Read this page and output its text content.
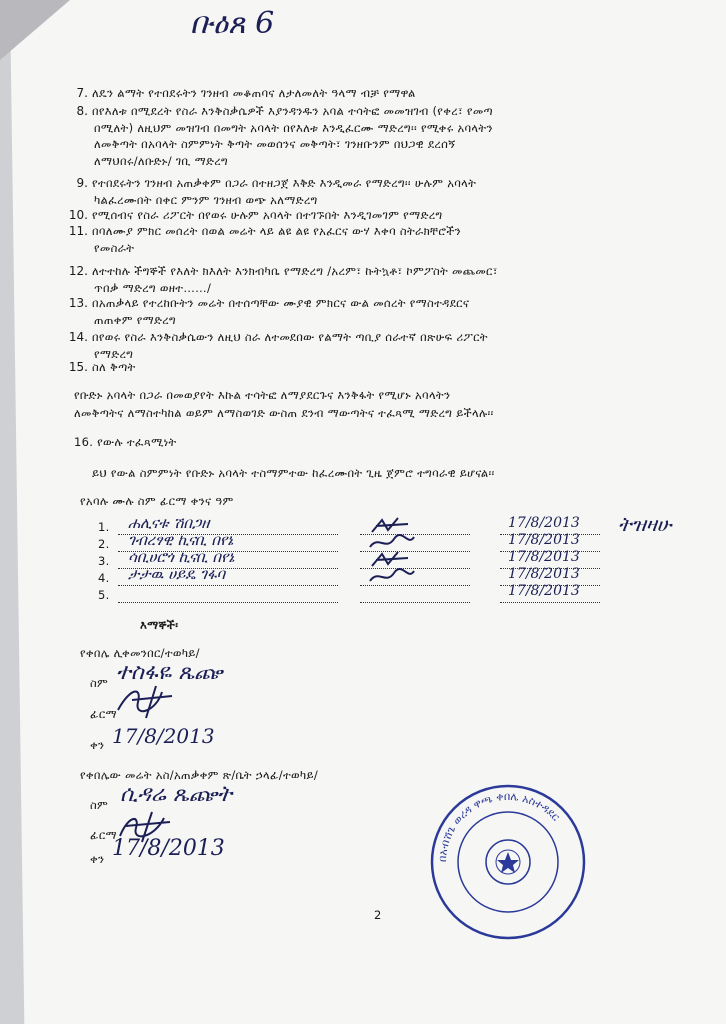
ቡዕጸ 6
7. ለዴን ልማት የተበደሩትን ገንዘብ መቆጠባና ለታለመለት ዓላማ ብቻ የማዋል
8. በየእለቱ በሚደረት የስራ እንቅስቃሴዎች እያንዳንዱን አባል ተሳትፎ መመዝገብ (የቀረ፣ የመጣ
በሚለት) ለዚህም መዝገብ በመግት አባላት በየእለቱ እንዲፈርሙ ማድረግ፡፡ የሚቀሩ አባላትን
ለመቅጣት በአባላት ስምምነት ቅጣት መወሰንና መቅጣት፣ ገንዘቡንም በህጋዊ ደረሰኝ
ለማህበሩ/ለቡድኑ/ ገቢ ማድረግ
9. የተበደሩትን ገንዘብ አጠቃቀም በጋራ በተዘጋጀ እቅድ እንዲመራ የማድረግ፡፡ ሁሉም አባላት
ካልፈረሙበት በቀር ምንም ገንዘብ ወጭ አለማድረግ
10. የሚሰብና የስራ ሪፖርት በየወሩ ሁሉም አባላት በተገኙበት እንዲገመገም የማድረግ
11. በባለሙያ ምክር መሰረት በወል መሬት ላይ ልዩ ልዩ የአፈርና ውሃ እቀባ ስትራክቸሮችን
የመስራት
12. ለተተከሉ ችግኞች የእለት ክእለት እንክብካቤ የማድረግ /አረም፣ ኩትኳቶ፣ ኮምፖስት መጨመር፣
ጥበቃ ማድረግ ወዘተ……/
13. በአጠቃላይ የተረከቡትን መሬት በተሰጣቸው ሙያዊ ምክርና ውል መሰረት የማስተዳደርና
ጠጠቀም የማድረግ
14. በየወሩ የስራ እንቅስቃሴውን ለዚህ ስራ ለተመደበው የልማት ጣቢያ ሰራተኛ በጽሁፍ ሪፖርት
የማድረግ
15. ስለ ቅጣት
የቡድኑ አባላት በጋራ በመወያየት እኩል ተሳትፎ ለማያደርጉና እንቅፋት የሚሆኑ አባላትን
ለመቅጣትና ለማስተካከል ወይም ለማስወገድ ውስጠ ደንብ ማውጣትና ተፈጻሚ ማድረግ ይችላሉ፡፡
16. የውሉ ተፈጻሚነት
ይህ የውል ስምምነት የቡድኑ አባላት ተስማምተው ከፈረሙበት ጊዜ ጀምሮ ተግባራዊ ይሆናል፡፡
የአባሉ ሙሉ ስም ፊርማ ቀንና ዓም
1. ሐሊናቱ ሽበጋዘ	17/8/2013
2. ገብረፃዊ ኪናቢ በየኔ	17/8/2013
3. ሳቢሀሮጎ ኪናቢ በየኔ	17/8/2013
4. ታታዉ ሀይዴ ገፋባ	17/8/2013
5.	17/8/2013
ትዝዛሁ
እማኞች፡
የቀበሌ ሊቀመንበር/ተወካይ/
ስም ተስፋዬ ጼጬ
ፊርማ
ቀን 17/8/2013
የቀበሌው መሬት አስ/አጠቃቀም ጽ/ቤት ኃላፊ/ተወካይ/
ስም ሲዳሬ ጼጬት
ፊርማ
ቀን 17/8/2013	በአብሽጌ ወረዳ ዋጫ ቀበሌ አስተዳደር
2
